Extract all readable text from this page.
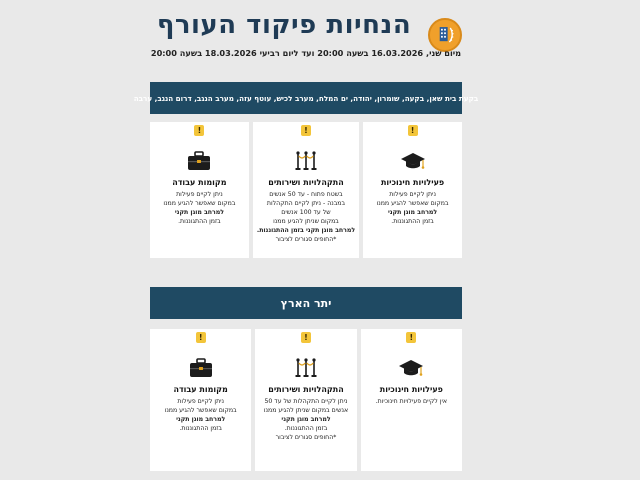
הנחיות פיקוד העורף
מיום שני, 16.03.2026 בשעה 20:00 ועד ליום רביעי 18.03.2026 בשעה 20:00
בקעת בית שאן, בקעה, שומרון, יהודה, ים המלח, מערב לכיש, עוטף עזה, מערב הנגב, דרום הנגב, ערבה
!
פעילויות חינוכיות
ניתן לקיים פעילות
במקום שאפשר להגיע ממנו
למרחב מוגן תקני
בזמן ההתגוננות.
!
התקהלויות ושירותים
בשטח פתוח - עד 50 אנשים
במבנה - ניתן לקיים התקהלות
של עד 100 אנשים
במקום שניתן להגיע ממנו
למרחב מוגן תקני בזמן ההתגוננות.
*החופים סגורים לציבור
!
מקומות עבודה
ניתן לקיים פעילות
במקום שאפשר להגיע ממנו
למרחב מוגן תקני
בזמן ההתגוננות.
יתר הארץ
!
פעילויות חינוכיות
אין לקיים פעילויות חינוכיות.
!
התקהלויות ושירותים
ניתן לקיים התקהלות של עד 50
אנשים במקום שניתן להגיע ממנו
למרחב מוגן תקני
בזמן ההתגוננות.
*החופים סגורים לציבור
!
מקומות עבודה
ניתן לקיים פעילות
במקום שאפשר להגיע ממנו
למרחב מוגן תקני
בזמן ההתגוננות.
